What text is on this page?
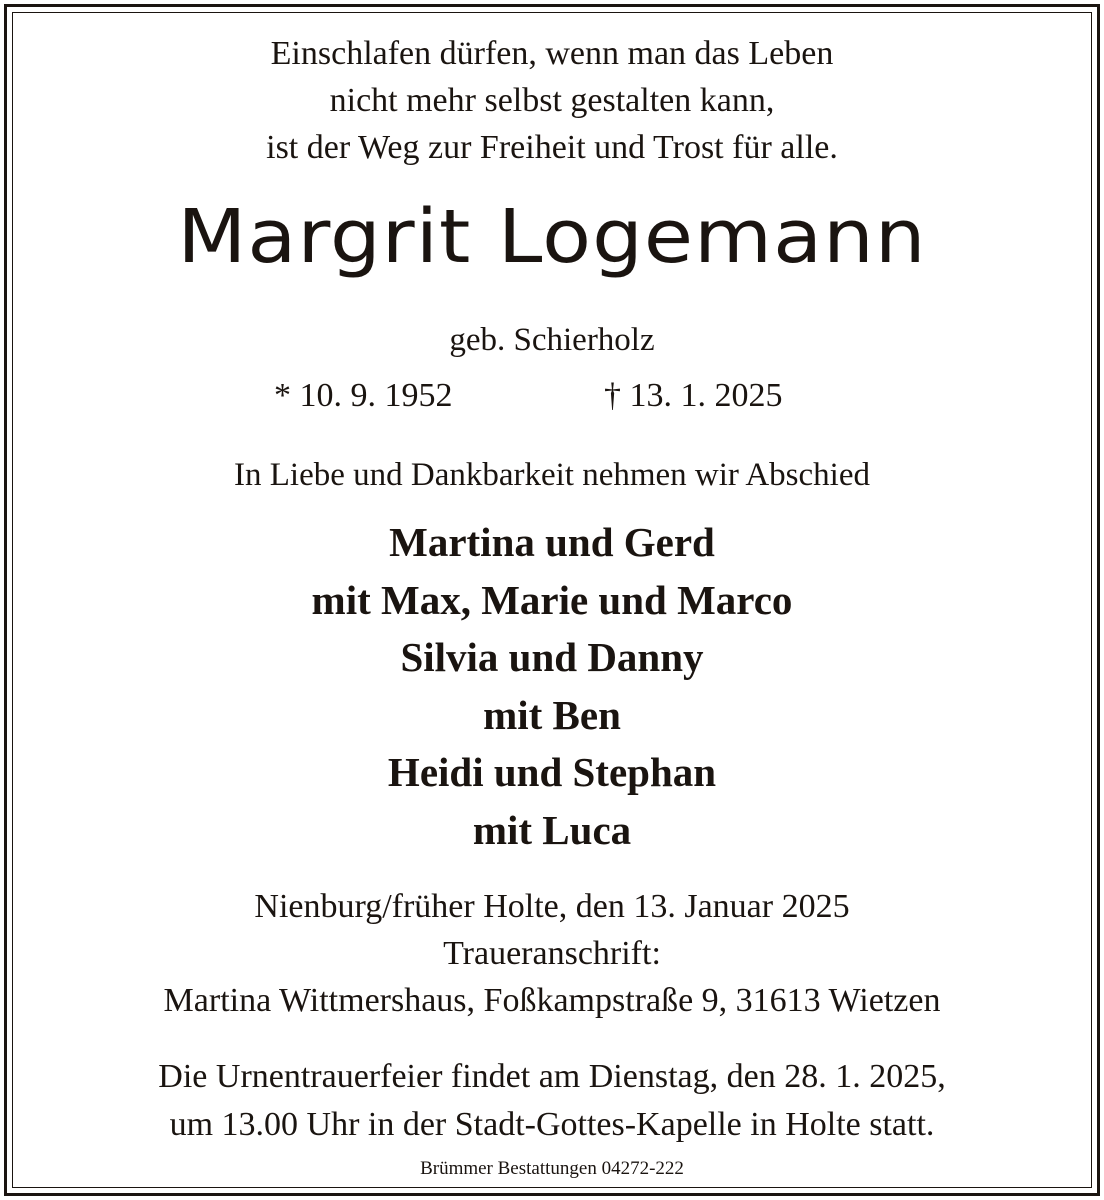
Einschlafen dürfen, wenn man das Leben
nicht mehr selbst gestalten kann,
ist der Weg zur Freiheit und Trost für alle.
Margrit Logemann
geb. Schierholz
* 10. 9. 1952	† 13. 1. 2025
In Liebe und Dankbarkeit nehmen wir Abschied
Martina und Gerd
mit Max, Marie und Marco
Silvia und Danny
mit Ben
Heidi und Stephan
mit Luca
Nienburg/früher Holte, den 13. Januar 2025
Traueranschrift:
Martina Wittmershaus, Foßkampstraße 9, 31613 Wietzen
Die Urnentrauerfeier findet am Dienstag, den 28. 1. 2025,
um 13.00 Uhr in der Stadt-Gottes-Kapelle in Holte statt.
Brümmer Bestattungen 04272-222
